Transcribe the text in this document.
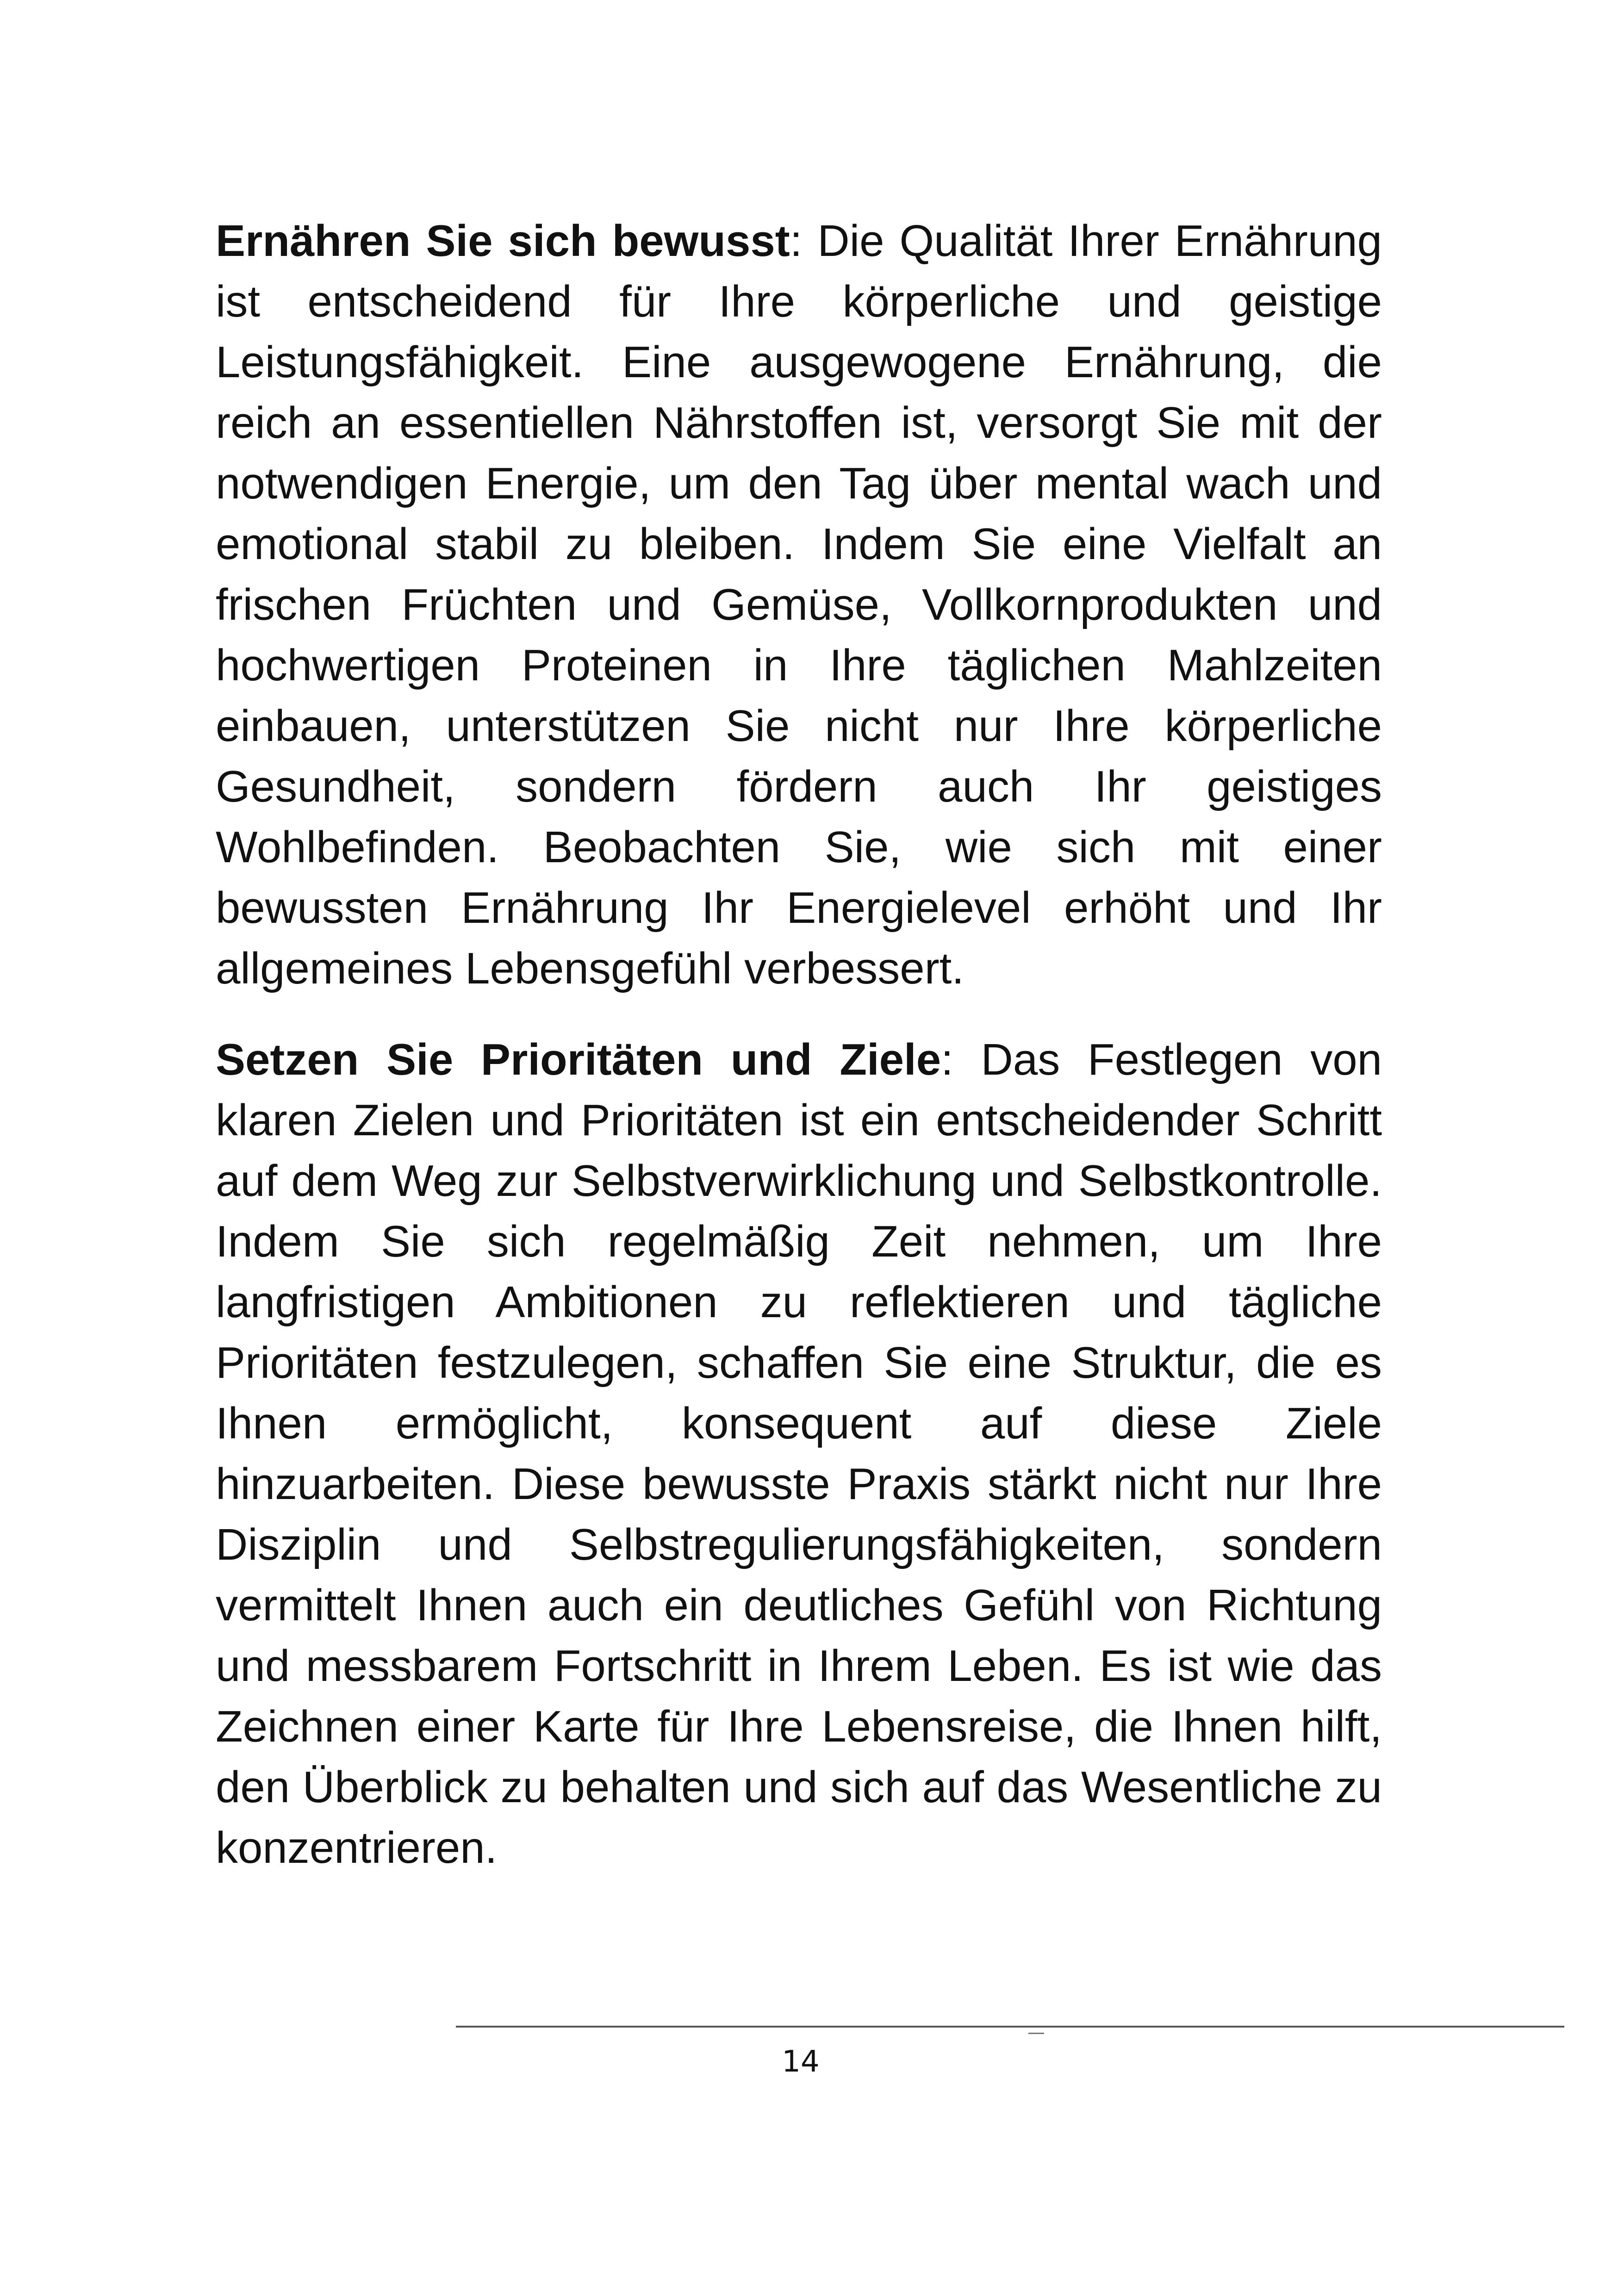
Ernähren Sie sich bewusst: Die Qualität Ihrer Ernährung ist entscheidend für Ihre körperliche und geistige Leistungsfähigkeit. Eine ausgewogene Ernährung, die reich an essentiellen Nährstoffen ist, versorgt Sie mit der notwendigen Energie, um den Tag über mental wach und emotional stabil zu bleiben. Indem Sie eine Vielfalt an frischen Früchten und Gemüse, Vollkornprodukten und hochwertigen Proteinen in Ihre täglichen Mahlzeiten einbauen, unterstützen Sie nicht nur Ihre körperliche Gesundheit, sondern fördern auch Ihr geistiges Wohlbefinden. Beobachten Sie, wie sich mit einer bewussten Ernährung Ihr Energielevel erhöht und Ihr allgemeines Lebensgefühl verbessert.

Setzen Sie Prioritäten und Ziele: Das Festlegen von klaren Zielen und Prioritäten ist ein entscheidender Schritt auf dem Weg zur Selbstverwirklichung und Selbstkontrolle. Indem Sie sich regelmäßig Zeit nehmen, um Ihre langfristigen Ambitionen zu reflektieren und tägliche Prioritäten festzulegen, schaffen Sie eine Struktur, die es Ihnen ermöglicht, konsequent auf diese Ziele hinzuarbeiten. Diese bewusste Praxis stärkt nicht nur Ihre Disziplin und Selbstregulierungsfähigkeiten, sondern vermittelt Ihnen auch ein deutliches Gefühl von Richtung und messbarem Fortschritt in Ihrem Leben. Es ist wie das Zeichnen einer Karte für Ihre Lebensreise, die Ihnen hilft, den Überblick zu behalten und sich auf das Wesentliche zu konzentrieren.

14
